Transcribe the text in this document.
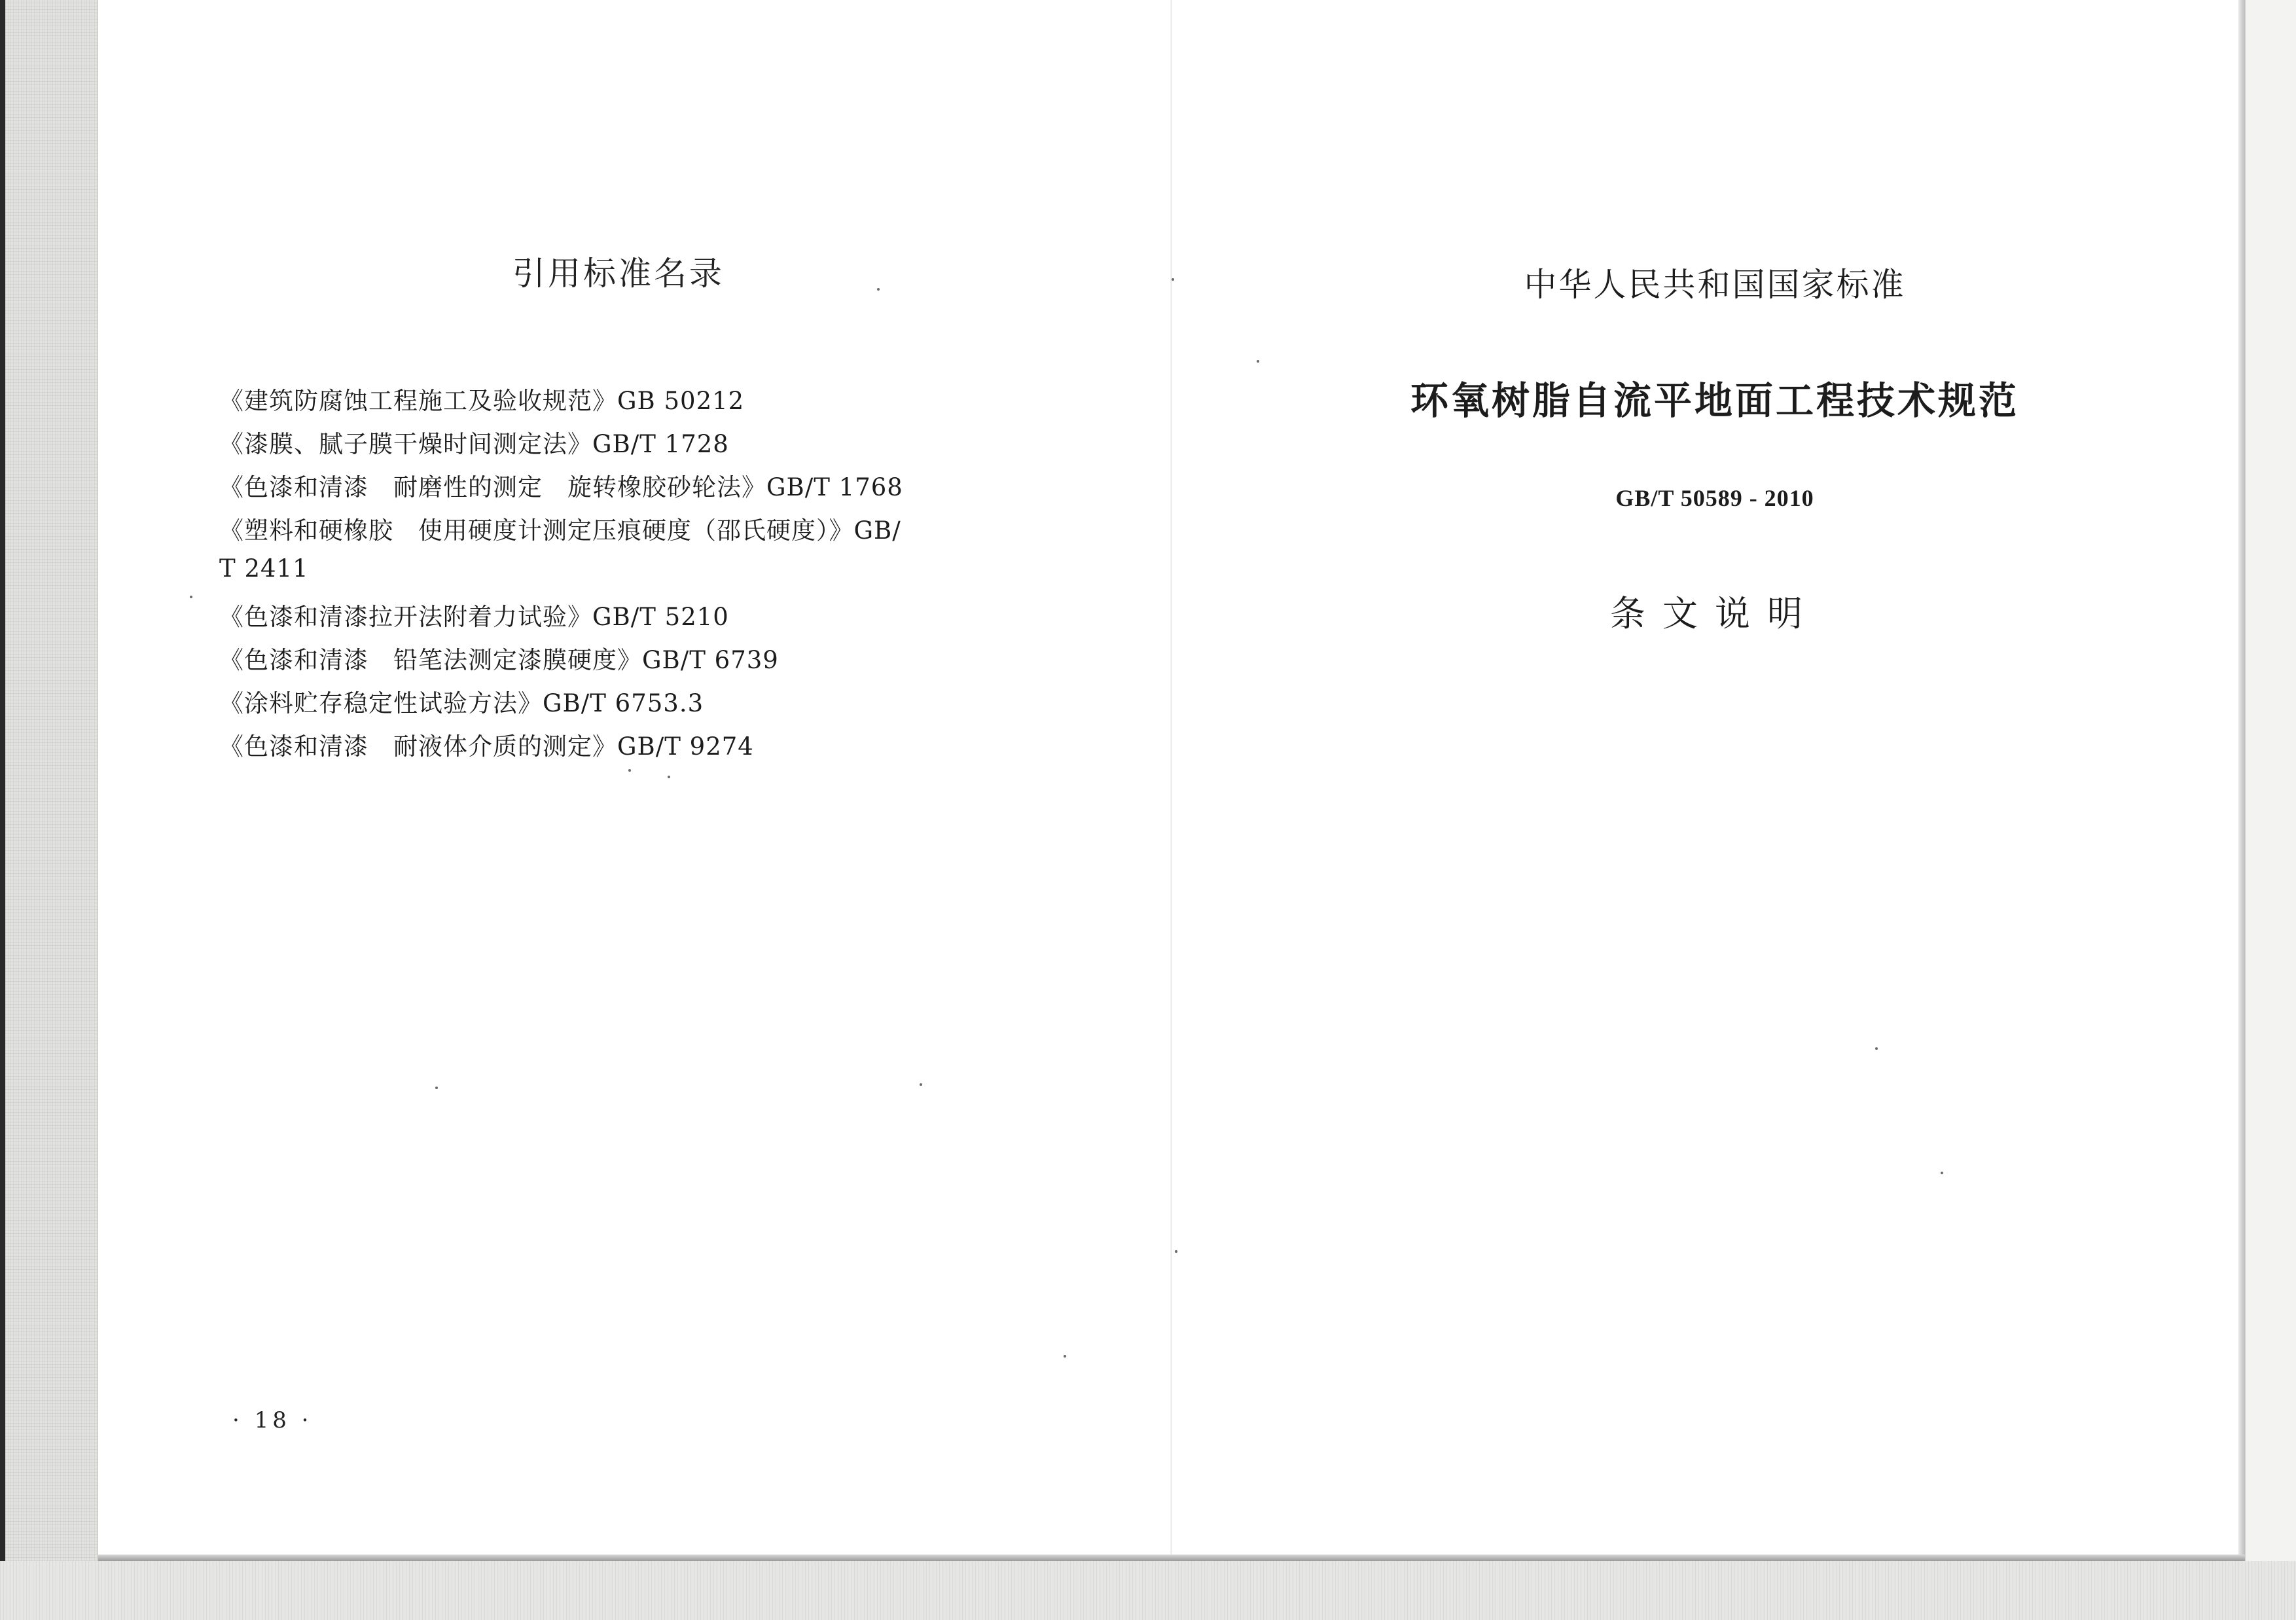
引用标准名录
《建筑防腐蚀工程施工及验收规范》GB 50212
《漆膜、腻子膜干燥时间测定法》GB/T 1728
《色漆和清漆　耐磨性的测定　旋转橡胶砂轮法》GB/T 1768
《塑料和硬橡胶　使用硬度计测定压痕硬度（邵氏硬度）》GB/
《色漆和清漆拉开法附着力试验》GB/T 5210
《色漆和清漆　铅笔法测定漆膜硬度》GB/T 6739
《涂料贮存稳定性试验方法》GB/T 6753.3
《色漆和清漆　耐液体介质的测定》GB/T 9274
T 2411
· 18 ·
中华人民共和国国家标准
环氧树脂自流平地面工程技术规范
GB/T 50589 - 2010
条文说明
